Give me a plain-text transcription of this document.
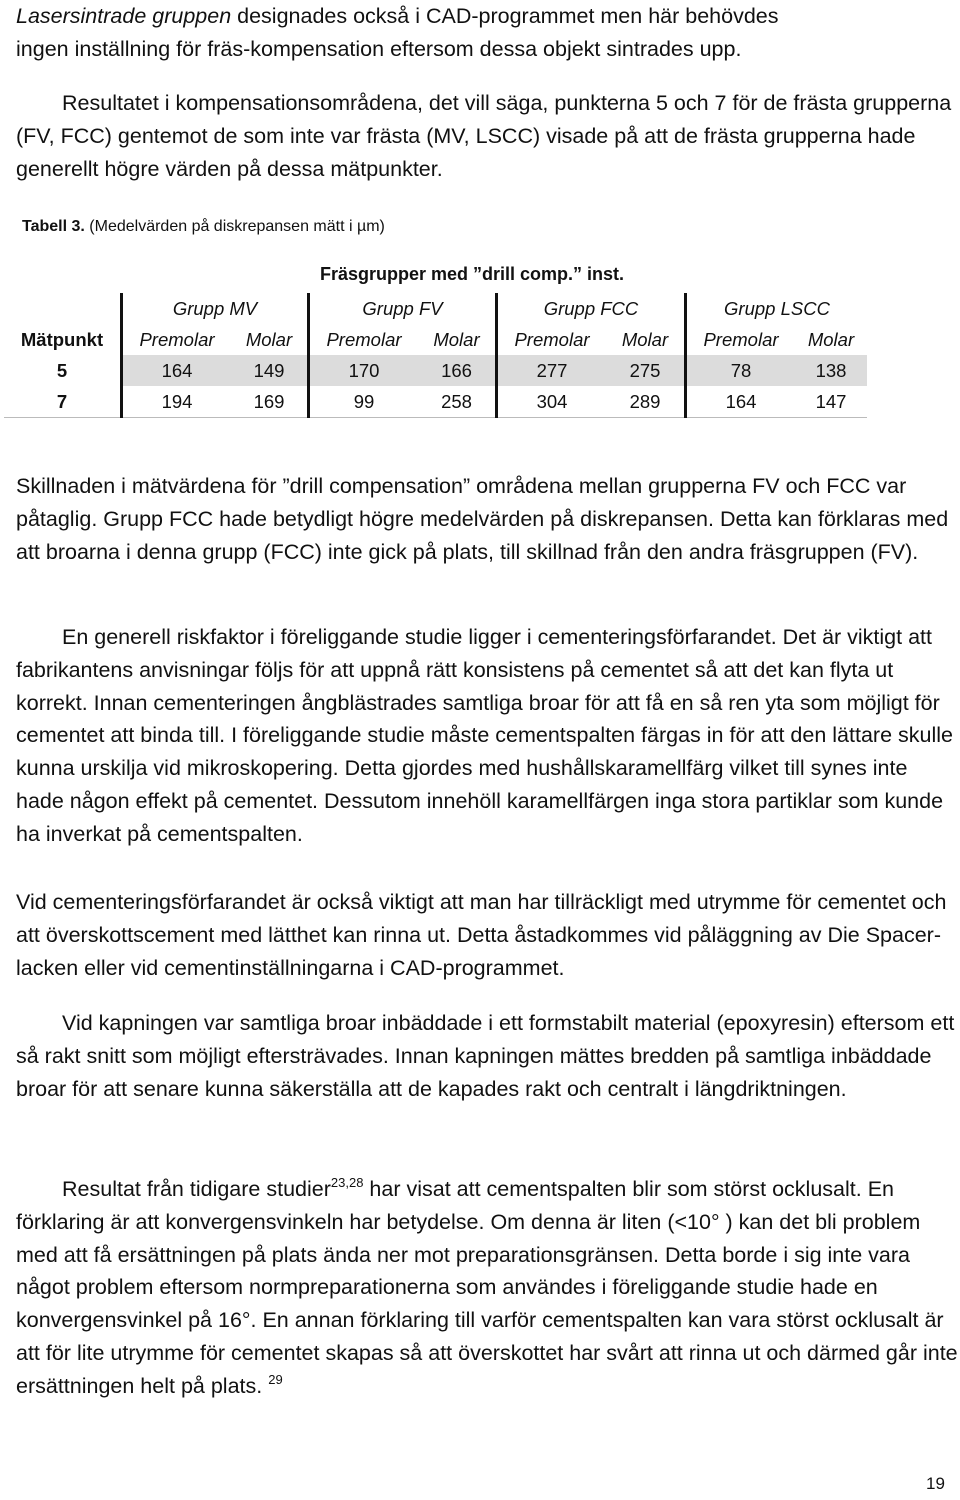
Lasersintrade gruppen designades också i CAD-programmet men här behövdes
ingen inställning för fräs-kompensation eftersom dessa objekt sintrades upp.
Resultatet i kompensationsområdena, det vill säga, punkterna 5 och 7 för de frästa grupperna (FV, FCC) gentemot de som inte var frästa (MV, LSCC) visade på att de frästa grupperna hade generellt högre värden på dessa mätpunkter.
Tabell 3. (Medelvärden på diskrepansen mätt i µm)
Fräsgrupper med ”drill comp.” inst.
	Grupp MV		Grupp FV		Grupp FCC		Grupp LSCC	
Mätpunkt	Premolar	Molar	Premolar	Molar	Premolar	Molar	Premolar	Molar
5	164	149	170	166	277	275	78	138
7	194	169	99	258	304	289	164	147
Skillnaden i mätvärdena för ”drill compensation” områdena mellan grupperna FV och FCC var påtaglig. Grupp FCC hade betydligt högre medelvärden på diskrepansen. Detta kan förklaras med att broarna i denna grupp (FCC) inte gick på plats, till skillnad från den andra fräsgruppen (FV).
En generell riskfaktor i föreliggande studie ligger i cementeringsförfarandet. Det är viktigt att fabrikantens anvisningar följs för att uppnå rätt konsistens på cementet så att det kan flyta ut korrekt. Innan cementeringen ångblästrades samtliga broar för att få en så ren yta som möjligt för cementet att binda till. I föreliggande studie måste cementspalten färgas in för att den lättare skulle kunna urskilja vid mikroskopering. Detta gjordes med hushållskaramellfärg vilket till synes inte hade någon effekt på cementet. Dessutom innehöll karamellfärgen inga stora partiklar som kunde ha inverkat på cementspalten.
Vid cementeringsförfarandet är också viktigt att man har tillräckligt med utrymme för cementet och att överskottscement med lätthet kan rinna ut. Detta åstadkommes vid påläggning av Die Spacer-lacken eller vid cementinställningarna i CAD-programmet.
Vid kapningen var samtliga broar inbäddade i ett formstabilt material (epoxyresin) eftersom ett så rakt snitt som möjligt eftersträvades. Innan kapningen mättes bredden på samtliga inbäddade broar för att senare kunna säkerställa att de kapades rakt och centralt i längdriktningen.
Resultat från tidigare studier$^{23,28}$ har visat att cementspalten blir som störst ocklusalt. En förklaring är att konvergensvinkeln har betydelse. Om denna är liten (<10° ) kan det bli problem med att få ersättningen på plats ända ner mot preparationsgränsen. Detta borde i sig inte vara något problem eftersom normpreparationerna som användes i föreliggande studie hade en konvergensvinkel på 16°. En annan förklaring till varför cementspalten kan vara störst ocklusalt är att för lite utrymme för cementet skapas så att överskottet har svårt att rinna ut och därmed går inte ersättningen helt på plats. $^{29}$
19
